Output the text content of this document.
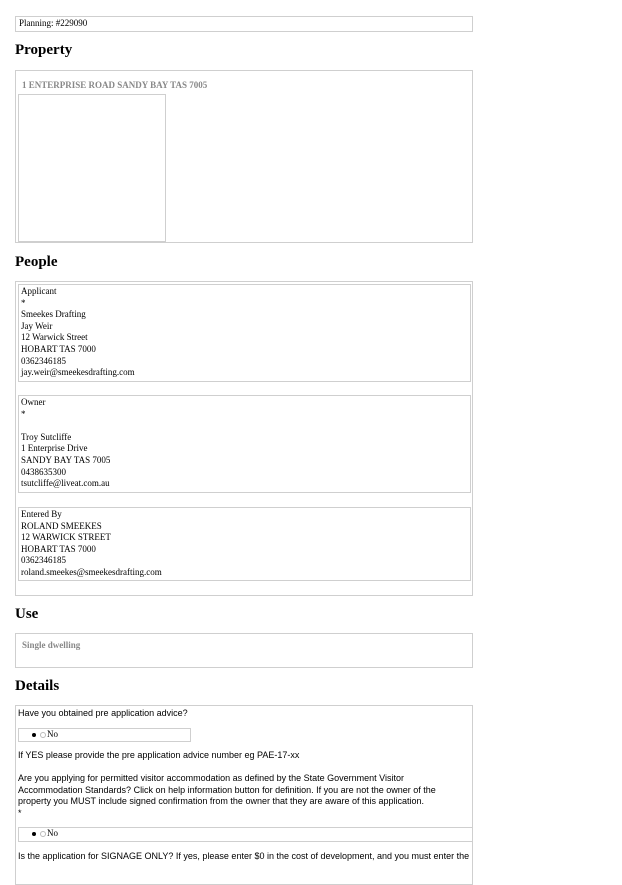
Planning: #229090
Property
1 ENTERPRISE ROAD SANDY BAY TAS 7005
People
Applicant
*
Smeekes Drafting
Jay Weir
12 Warwick Street
HOBART TAS 7000
0362346185
jay.weir@smeekesdrafting.com
Owner
*
Troy Sutcliffe
1 Enterprise Drive
SANDY BAY TAS 7005
0438635300
tsutcliffe@liveat.com.au
Entered By
ROLAND SMEEKES
12 WARWICK STREET
HOBART TAS 7000
0362346185
roland.smeekes@smeekesdrafting.com
Use
Single dwelling
Details
Have you obtained pre application advice?
No
If YES please provide the pre application advice number eg PAE-17-xx
Are you applying for permitted visitor accommodation as defined by the State Government Visitor
Accommodation Standards? Click on help information button for definition. If you are not the owner of the
property you MUST include signed confirmation from the owner that they are aware of this application.
*
No
Is the application for SIGNAGE ONLY? If yes, please enter $0 in the cost of development, and you must enter the
